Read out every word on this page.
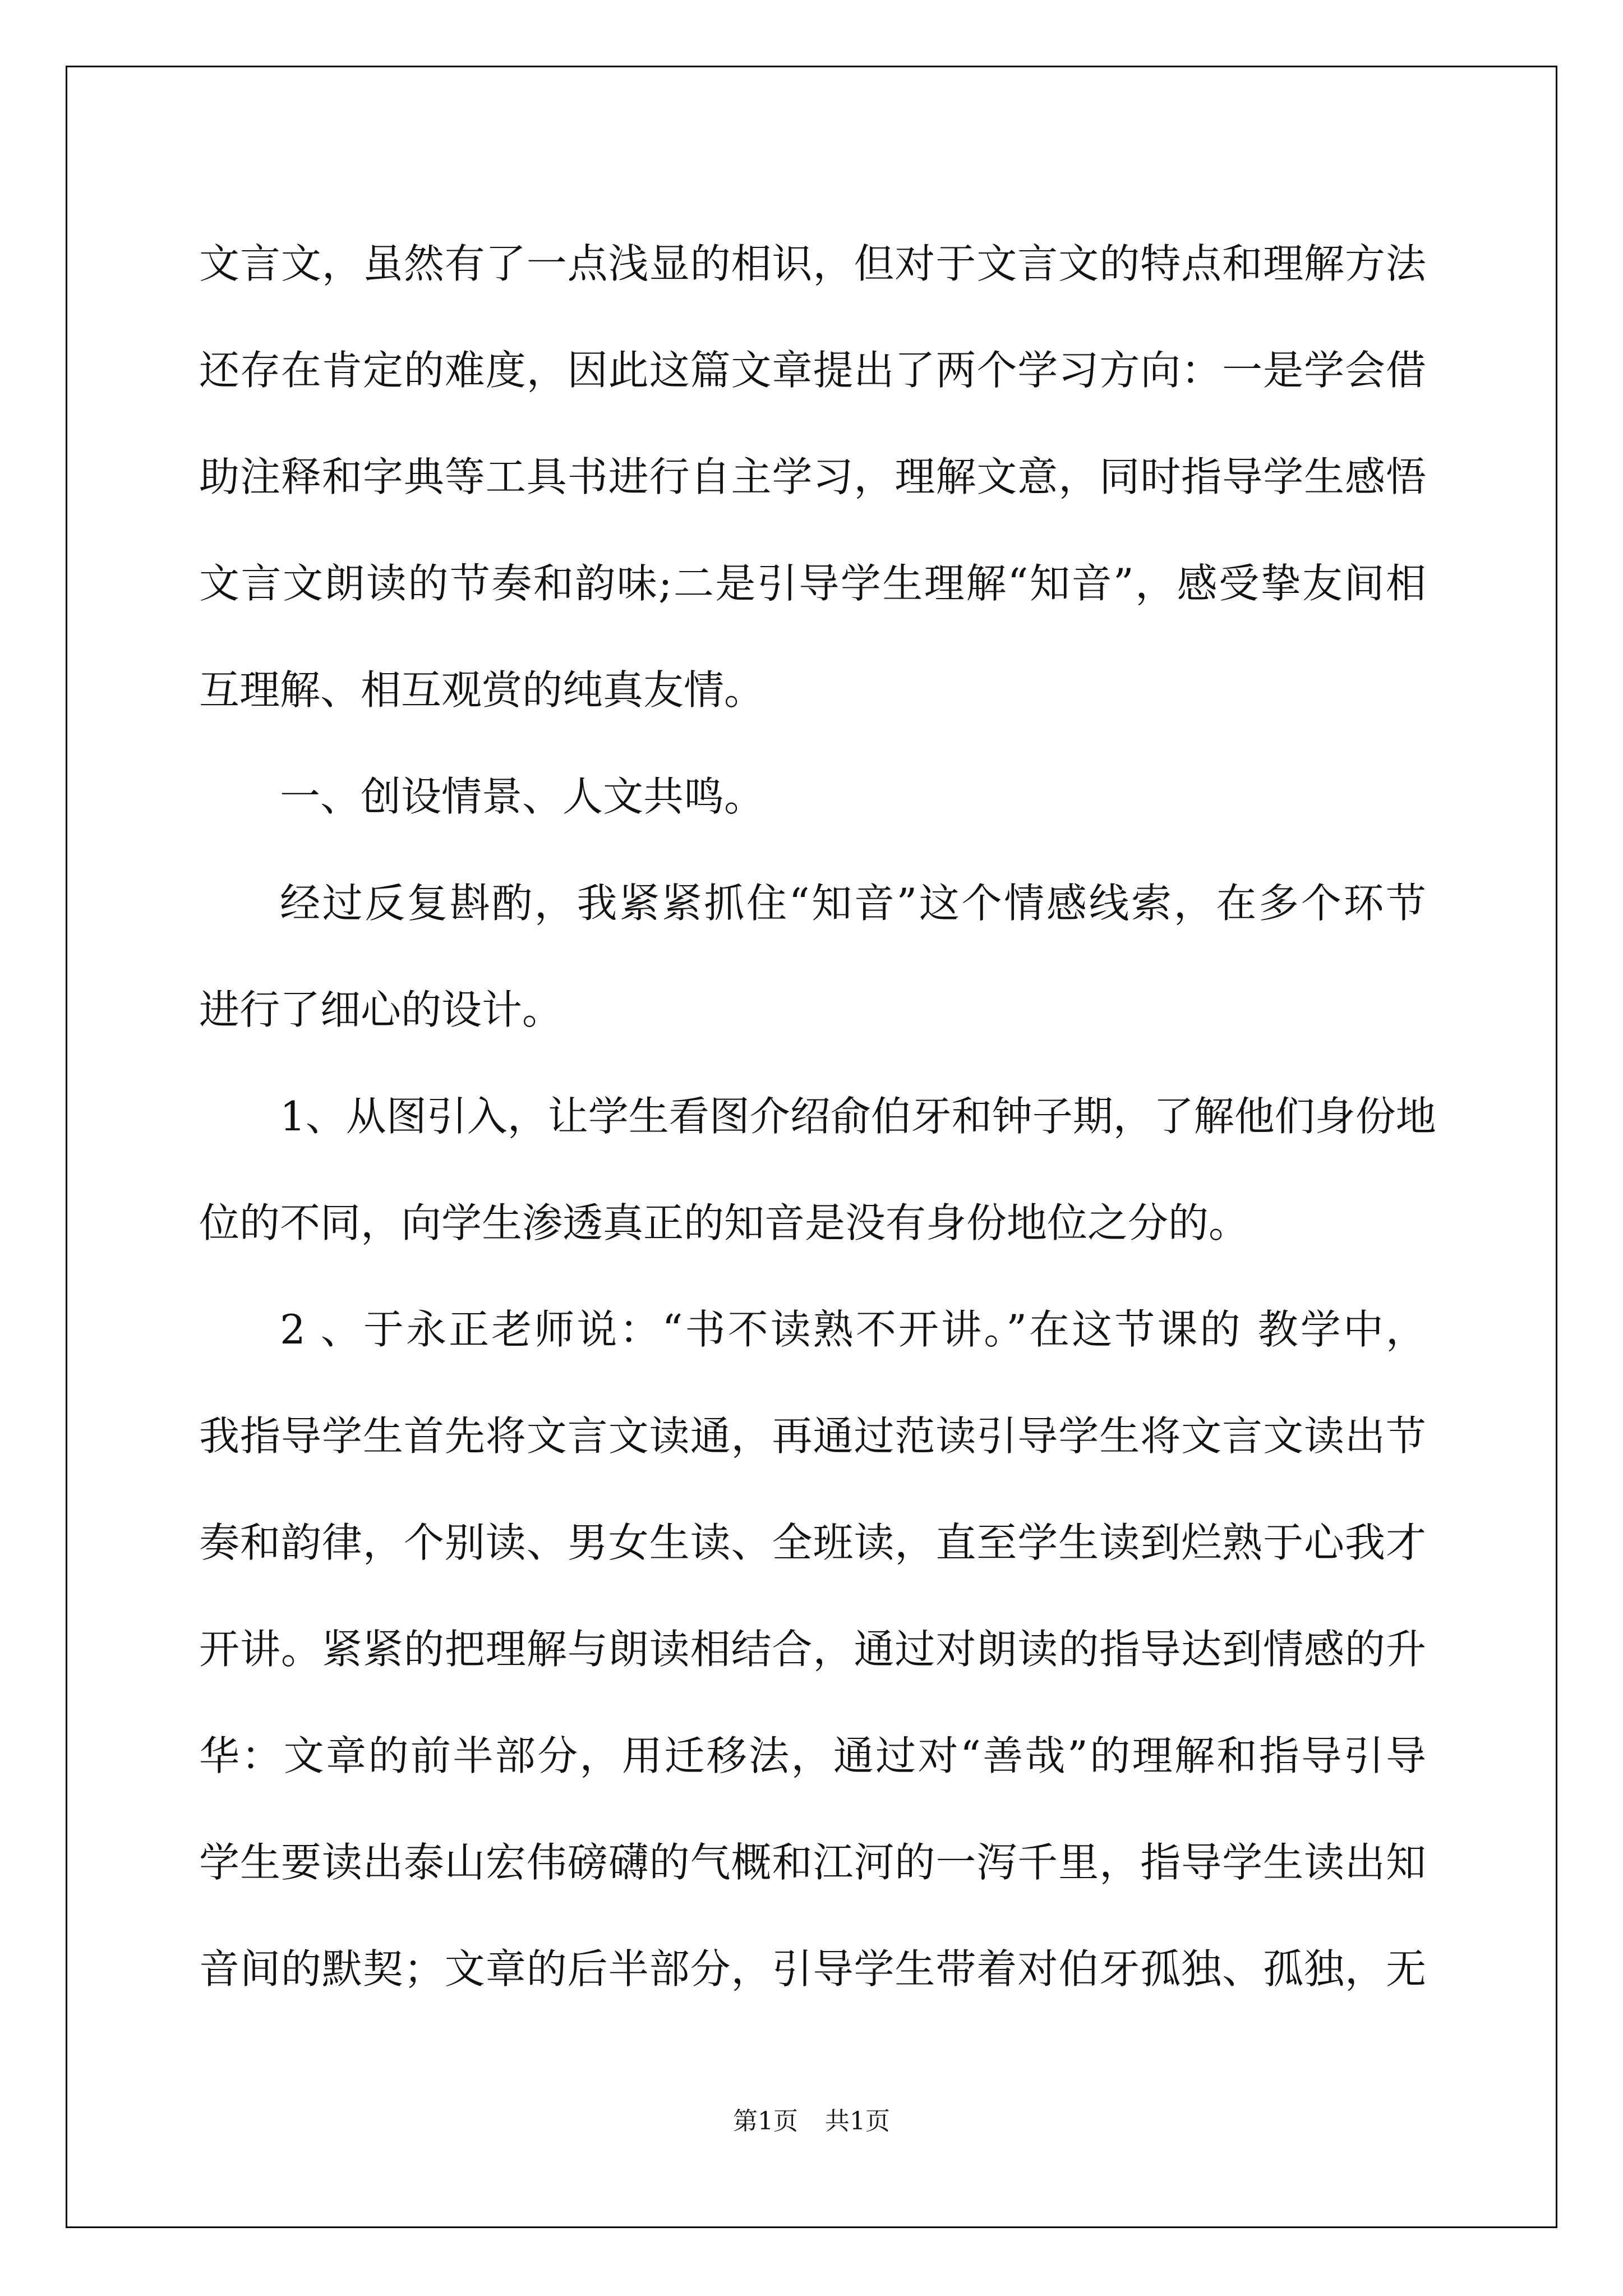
文言文，虽然有了一点浅显的相识，但对于文言文的特点和理解方法
还存在肯定的难度，因此这篇文章提出了两个学习方向：一是学会借
助注释和字典等工具书进行自主学习，理解文意，同时指导学生感悟
文言文朗读的节奏和韵味;二是引导学生理解“知音”，感受挚友间相
互理解、相互观赏的纯真友情。
一、创设情景、人文共鸣。
经过反复斟酌，我紧紧抓住“知音”这个情感线索，在多个环节
进行了细心的设计。
1、从图引入，让学生看图介绍俞伯牙和钟子期，了解他们身份地
位的不同，向学生渗透真正的知音是没有身份地位之分的。
2 、于永正老师说：“书不读熟不开讲。”在这节课的 教学中，
我指导学生首先将文言文读通，再通过范读引导学生将文言文读出节
奏和韵律，个别读、男女生读、全班读，直至学生读到烂熟于心我才
开讲。紧紧的把理解与朗读相结合，通过对朗读的指导达到情感的升
华：文章的前半部分，用迁移法，通过对“善哉”的理解和指导引导
学生要读出泰山宏伟磅礴的气概和江河的一泻千里，指导学生读出知
音间的默契；文章的后半部分，引导学生带着对伯牙孤独、孤独，无
第1页 共1页
